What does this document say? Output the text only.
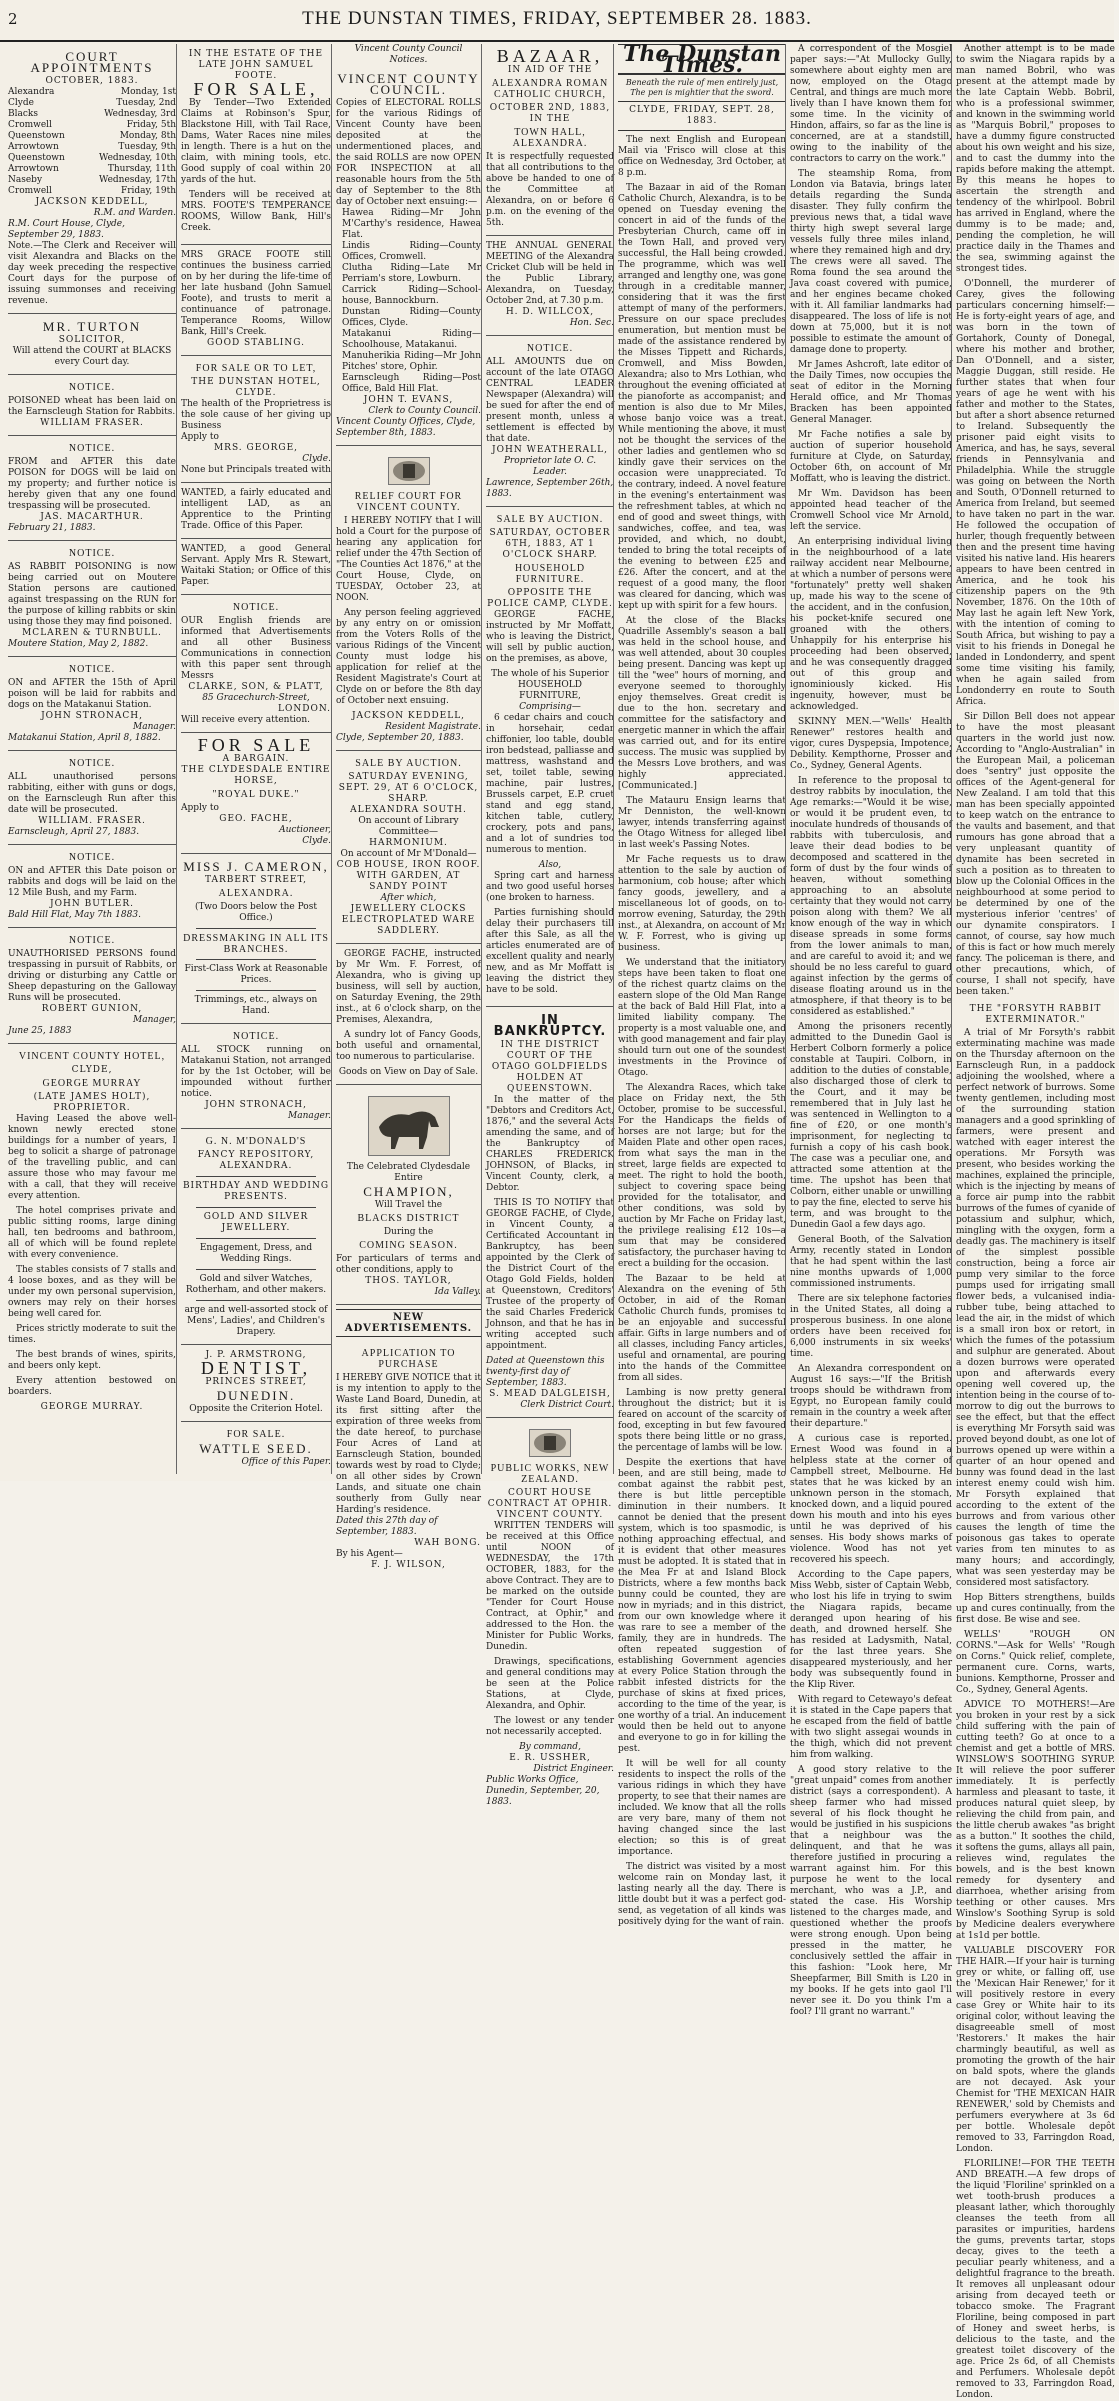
2	THE DUNSTAN TIMES, FRIDAY, SEPTEMBER 28. 1883.
COURT APPOINTMENTS
OCTOBER, 1883.
Alexandra	Monday, 1st
Clyde	Tuesday, 2nd
Blacks	Wednesday, 3rd
Cromwell	Friday, 5th
Queenstown	Monday, 8th
Arrowtown	Tuesday, 9th
Queenstown	Wednesday, 10th
Arrowtown	Thursday, 11th
Naseby	Wednesday, 17th
Cromwell	Friday, 19th
JACKSON KEDDELL,
R.M. and Warden.
R.M. Court House, Clyde, September 29, 1883.
Note.—The Clerk and Receiver will visit Alexandra and Blacks on the day week preceding the respective Court days for the purpose of issuing summonses and receiving revenue.
MR. TURTON
SOLICITOR,
Will attend the COURT at BLACKS every Court day.
NOTICE.
POISONED wheat has been laid on the Earnscleugh Station for Rabbits.
WILLIAM FRASER.
NOTICE.
FROM and AFTER this date POISON for DOGS will be laid on my property; and further notice is hereby given that any one found trespassing will be prosecuted.
JAS. MACARTHUR.
February 21, 1883.
NOTICE.
AS RABBIT POISONING is now being carried out on Moutere Station persons are cautioned against trespassing on the RUN for the purpose of killing rabbits or skin using those they may find poisoned.
MCLAREN & TURNBULL.
Moutere Station, May 2, 1882.
NOTICE.
ON and AFTER the 15th of April poison will be laid for rabbits and dogs on the Matakanui Station.
JOHN STRONACH,
Manager.
Matakanui Station, April 8, 1882.
NOTICE.
ALL unauthorised persons rabbiting, either with guns or dogs, on the Earnscleugh Run after this date will be prosecuted.
WILLIAM. FRASER.
Earnscleugh, April 27, 1883.
NOTICE.
ON and AFTER this Date poison or rabbits and dogs will be laid on the 12 Mile Bush, and my Farm.
JOHN BUTLER.
Bald Hill Flat, May 7th 1883.
NOTICE.
UNAUTHORISED PERSONS found trespassing in pursuit of Rabbits, or driving or disturbing any Cattle or Sheep depasturing on the Galloway Runs will be prosecuted.
ROBERT GUNION,
Manager,
June 25, 1883
VINCENT COUNTY HOTEL,
CLYDE,
GEORGE MURRAY
(LATE JAMES HOLT),
PROPRIETOR.

Having Leased the above well-known newly erected stone buildings for a number of years, I beg to solicit a sharge of patronage of the travelling public, and can assure those who may favour me with a call, that they will receive every attention.

The hotel comprises private and public sitting rooms, large dining hall, ten bedrooms and bathroom, all of which will be found replete with every convenience.

The stables consists of 7 stalls and 4 loose boxes, and as they will be under my own personal supervision, owners may rely on their horses being well cared for.

Prices strictly moderate to suit the times.

The best brands of wines, spirits, and beers only kept.

Every attention bestowed on boarders.

GEORGE MURRAY.
IN THE ESTATE OF THE LATE JOHN SAMUEL FOOTE.
FOR SALE,

By Tender—Two Extended Claims at Robinson's Spur, Blackstone Hill, with Tail Race, Dams, Water Races nine miles in length. There is a hut on the claim, with mining tools, etc. Good supply of coal within 20 yards of the hut.

Tenders will be received at MRS. FOOTE'S TEMPERANCE ROOMS, Willow Bank, Hill's Creek.

MRS GRACE FOOTE still continues the business carried on by her during the life-time of her late husband (John Samuel Foote), and trusts to merit a continuance of patronage. Temperance Rooms, Willow Bank, Hill's Creek.
GOOD STABLING.
FOR SALE OR TO LET,
THE DUNSTAN HOTEL,
CLYDE.
The health of the Proprietress is the sole cause of her giving up Business
Apply to
MRS. GEORGE,
Clyde.
None but Principals treated with
WANTED, a fairly educated and intelligent LAD, as an Apprentice to the Printing Trade. Office of this Paper.
WANTED, a good General Servant. Apply Mrs R. Stewart, Waitaki Station; or Office of this Paper.
NOTICE.
OUR English friends are informed that Advertisements and all other Business Communications in connection with this paper sent through Messrs
CLARKE, SON, & PLATT,
85 Gracechurch-Street,
LONDON.
Will receive every attention.
FOR SALE
A BARGAIN.
THE CLYDESDALE ENTIRE HORSE,
"ROYAL DUKE."
Apply to
GEO. FACHE,
Auctioneer,
Clyde.
MISS J. CAMERON,
TARBERT STREET,
ALEXANDRA.
(Two Doors below the Post Office.)
DRESSMAKING IN ALL ITS BRANCHES.
First-Class Work at Reasonable Prices.
Trimmings, etc., always on Hand.
NOTICE.
ALL STOCK running on Matakanui Station, not arranged for by the 1st October, will be impounded without further notice.
JOHN STRONACH,
Manager.
G. N. M'DONALD'S
FANCY REPOSITORY,
ALEXANDRA.
BIRTHDAY AND WEDDING PRESENTS.
GOLD AND SILVER JEWELLERY.
Engagement, Dress, and Wedding Rings.
Gold and silver Watches, Rotherham, and other makers.
arge and well-assorted stock of Mens', Ladies', and Children's Drapery.
J. P. ARMSTRONG,
DENTIST,
PRINCES STREET,
DUNEDIN.
Opposite the Criterion Hotel.
FOR SALE.
WATTLE SEED.
Office of this Paper.
Vincent County Council Notices.
VINCENT COUNTY COUNCIL.
Copies of ELECTORAL ROLLS for the various Ridings of Vincent County have been deposited at the undermentioned places, and the said ROLLS are now OPEN FOR INSPECTION at all reasonable hours from the 5th day of September to the 8th day of October next ensuing:—
Hawea Riding—Mr John M'Carthy's residence, Hawea Flat.
Lindis Riding—County Offices, Cromwell.
Clutha Riding—Late Mr Perriam's store, Lowburn.
Carrick Riding—School-house, Bannockburn.
Dunstan Riding—County Offices, Clyde.
Matakanui Riding—Schoolhouse, Matakanui.
Manuherikia Riding—Mr John Pitches' store, Ophir.
Earnscleugh Riding—Post Office, Bald Hill Flat.
JOHN T. EVANS,
Clerk to County Council.
Vincent County Offices, Clyde, September 8th, 1883.
RELIEF COURT FOR VINCENT COUNTY.

I HEREBY NOTIFY that I will hold a Court for the purpose of hearing any application for relief under the 47th Section of "The Counties Act 1876," at the Court House, Clyde, on TUESDAY, October 23, at NOON.

Any person feeling aggrieved by any entry on or omission from the Voters Rolls of the various Ridings of the Vincent County must lodge his application for relief at the Resident Magistrate's Court at Clyde on or before the 8th day of October next ensuing.

JACKSON KEDDELL,
Resident Magistrate.
Clyde, September 20, 1883.
SALE BY AUCTION.
SATURDAY EVENING, SEPT. 29, AT 6 O'CLOCK, SHARP.
ALEXANDRA SOUTH.
On account of Library Committee—
HARMONIUM.
On account of Mr M'Donald—
COB HOUSE, IRON ROOF. WITH GARDEN, AT SANDY POINT
After which,
JEWELLERY CLOCKS ELECTROPLATED WARE SADDLERY.

GEORGE FACHE, instructed by Mr Wm. F. Forrest, of Alexandra, who is giving up business, will sell by auction, on Saturday Evening, the 29th inst., at 6 o'clock sharp, on the Premises, Alexandra,

A sundry lot of Fancy Goods, both useful and ornamental, too numerous to particularise.

Goods on View on Day of Sale.
The Celebrated Clydesdale Entire
CHAMPION,
Will Travel the
BLACKS DISTRICT
During the
COMING SEASON.
For particulars of terms and other conditions, apply to
THOS. TAYLOR,
Ida Valley.
NEW ADVERTISEMENTS.
APPLICATION TO PURCHASE
I HEREBY GIVE NOTICE that it is my intention to apply to the Waste Land Board, Dunedin, at its first sitting after the expiration of three weeks from the date hereof, to purchase Four Acres of Land at Earnscleugh Station, bounded towards west by road to Clyde; on all other sides by Crown Lands, and situate one chain southerly from Gully near Harding's residence.
Dated this 27th day of September, 1883.
WAH BONG.
By his Agent—
F. J. WILSON,
BAZAAR,
IN AID OF THE
ALEXANDRA ROMAN CATHOLIC CHURCH,
OCTOBER 2ND, 1883,
IN THE
TOWN HALL, ALEXANDRA.
It is respectfully requested that all contributions to the above be handed to one of the Committee at Alexandra, on or before 6 p.m. on the evening of the 5th.
THE ANNUAL GENERAL MEETING of the Alexandra Cricket Club will be held in the Public Library, Alexandra, on Tuesday, October 2nd, at 7.30 p.m.
H. D. WILLCOX,
Hon. Sec.
NOTICE.
ALL AMOUNTS due on account of the late OTAGO CENTRAL LEADER Newspaper (Alexandra) will be sued for after the end of present month, unless a settlement is effected by that date.
JOHN WEATHERALL,
Proprietor late O. C. Leader.
Lawrence, September 26th, 1883.
SALE BY AUCTION.
SATURDAY, OCTOBER 6TH, 1883, AT 1 O'CLOCK SHARP.
HOUSEHOLD FURNITURE.
OPPOSITE THE POLICE CAMP, CLYDE.

GEORGE FACHE, instructed by Mr Moffatt, who is leaving the District, will sell by public auction, on the premises, as above,

The whole of his Superior HOUSEHOLD FURNITURE,
Comprising—

6 cedar chairs and couch in horsehair, cedar chiffonier, loo table, double iron bedstead, palliasse and mattress, washstand and set, toilet table, sewing machine, pair lustres, Brussels carpet, E.P. cruet stand and egg stand, kitchen table, cutlery, crockery, pots and pans, and a lot of sundries too numerous to mention.

Also,

Spring cart and harness and two good useful horses (one broken to harness.

Parties furnishing should delay their purchasers till after this Sale, as all the articles enumerated are of excellent quality and nearly new, and as Mr Moffatt is leaving the district they have to be sold.

IN BANKRUPTCY.
IN THE DISTRICT COURT OF THE OTAGO GOLDFIELDS HOLDEN AT QUEENSTOWN.

In the matter of the "Debtors and Creditors Act, 1876," and the several Acts amending the same, and of the Bankruptcy of CHARLES FREDERICK JOHNSON, of Blacks, in Vincent County, clerk, a Debtor.

THIS IS TO NOTIFY that GEORGE FACHE, of Clyde, in Vincent County, a Certificated Accountant in Bankruptcy, has been appointed by the Clerk of the District Court of the Otago Gold Fields, holden at Queenstown, Creditors' Trustee of the property of the said Charles Frederick Johnson, and that he has in writing accepted such appointment.

Dated at Queenstown this twenty-first day of September, 1883.
S. MEAD DALGLEISH,
Clerk District Court.
PUBLIC WORKS, NEW ZEALAND.
COURT HOUSE CONTRACT AT OPHIR.
VINCENT COUNTY.

WRITTEN TENDERS will be received at this Office until NOON of WEDNESDAY, the 17th OCTOBER, 1883, for the above Contract. They are to be marked on the outside "Tender for Court House Contract, at Ophir," and addressed to the Hon. the Minister for Public Works, Dunedin.

Drawings, specifications, and general conditions may be seen at the Police Stations, at Clyde, Alexandra, and Ophir.

The lowest or any tender not necessarily accepted.

By command,
E. R. USSHER,
District Engineer.
Public Works Office, Dunedin, September, 20, 1883.
The Dunstan Times.
Beneath the rule of men entirely just,
The pen is mightier that the sword.
CLYDE, FRIDAY, SEPT. 28, 1883.

The next English and European Mail via 'Frisco will close at this office on Wednesday, 3rd October, at 8 p.m.

The Bazaar in aid of the Roman Catholic Church, Alexandra, is to be opened on Tuesday evening the concert in aid of the funds of the Presbyterian Church, came off in the Town Hall, and proved very successful, the Hall being crowded. The programme, which was well arranged and lengthy one, was gone through in a creditable manner, considering that it was the first attempt of many of the performers. Pressure on our space precludes enumeration, but mention must be made of the assistance rendered by the Misses Tippett and Richards, Cromwell, and Miss Bowden, Alexandra; also to Mrs Lothian, who throughout the evening officiated at the pianoforte as accompanist; and mention is also due to Mr Miles, whose banjo voice was a treat. While mentioning the above, it must not be thought the services of the other ladies and gentlemen who so kindly gave their services on the occasion were unappreciated. To the contrary, indeed. A novel feature in the evening's entertainment was the refreshment tables, at which no end of good and sweet things, with sandwiches, coffee, and tea, was provided, and which, no doubt, tended to bring the total receipts of the evening to between £25 and £26. After the concert, and at the request of a good many, the floor was cleared for dancing, which was kept up with spirit for a few hours.

At the close of the Blacks Quadrille Assembly's season a ball was held in the school house, and was well attended, about 30 couples being present. Dancing was kept up till the "wee" hours of morning, and everyone seemed to thoroughly enjoy themselves. Great credit is due to the hon. secretary and committee for the satisfactory and energetic manner in which the affair was carried out, and for its entire success. The music was supplied by the Messrs Love brothers, and was highly appreciated. [Communicated.]

The Matauru Ensign learns that Mr Denniston, the well-known lawyer, intends transferring against the Otago Witness for alleged libel in last week's Passing Notes.

Mr Fache requests us to draw attention to the sale by auction of harmonium, cob house; after which fancy goods, jewellery, and a miscellaneous lot of goods, on to-morrow evening, Saturday, the 29th inst., at Alexandra, on account of Mr W. F. Forrest, who is giving up business.

We understand that the initiatory steps have been taken to float one of the richest quartz claims on the eastern slope of the Old Man Range at the back of Bald Hill Flat, into a limited liability company. The property is a most valuable one, and with good management and fair play should turn out one of the soundest investments in the Province of Otago.

The Alexandra Races, which take place on Friday next, the 5th October, promise to be successful. For the Handicaps the fields of horses are not large; but for the Maiden Plate and other open races, from what says the man in the street, large fields are expected to meet. The right to hold the booth, subject to covering space being provided for the totalisator, and other conditions, was sold by auction by Mr Fache on Friday last, the privilege realising £12 10s—a sum that may be considered satisfactory, the purchaser having to erect a building for the occasion.

The Bazaar to be held at Alexandra on the evening of 5th October, in aid of the Roman Catholic Church funds, promises to be an enjoyable and successful affair. Gifts in large numbers and of all classes, including Fancy articles, useful and ornamental, are pouring into the hands of the Committee from all sides.

Lambing is now pretty general throughout the district; but it is feared on account of the scarcity of food, excepting in but few favoured spots there being little or no grass, the percentage of lambs will be low.

Despite the exertions that have been, and are still being, made to combat against the rabbit pest, there is but little perceptible diminution in their numbers. It cannot be denied that the present system, which is too spasmodic, is nothing approaching effectual, and it is evident that other measures must be adopted. It is stated that in the Mea Fr at and Island Block Districts, where a few months back bunny could be counted, they are now in myriads; and in this district, from our own knowledge where it was rare to see a member of the family, they are in hundreds. The often repeated suggestion of establishing Government agencies at every Police Station through the rabbit infested districts for the purchase of skins at fixed prices, according to the time of the year, is one worthy of a trial. An inducement would then be held out to anyone and everyone to go in for killing the pest.

It will be well for all county residents to inspect the rolls of the various ridings in which they have property, to see that their names are included. We know that all the rolls are very bare, many of them not having changed since the last election; so this is of great importance.

The district was visited by a most welcome rain on Monday last, it lasting nearly all the day. There is little doubt but it was a perfect god-send, as vegetation of all kinds was positively dying for the want of rain.

A correspondent of the Mosgiel paper says:—"At Mullocky Gully, somewhere about eighty men are now, employed on the Otago Central, and things are much more lively than I have known them for some time. In the vicinity of Hindon, affairs, so far as the line is concerned, are at a standstill, owing to the inability of the contractors to carry on the work."

The steamship Roma, from London via Batavia, brings later details regarding the Sunda disaster. They fully confirm the previous news that, a tidal wave thirty high swept several large vessels fully three miles inland, where they remained high and dry. The crews were all saved. The Roma found the sea around the Java coast covered with pumice, and her engines became choked with it. All familiar landmarks had disappeared. The loss of life is not down at 75,000, but it is not possible to estimate the amount of damage done to property.

Mr James Ashcroft, late editor of the Daily Times, now occupies the seat of editor in the Morning Herald office, and Mr Thomas Bracken has been appointed General Manager.

Mr Fache notifies a sale by auction of superior household furniture at Clyde, on Saturday, October 6th, on account of Mr Moffatt, who is leaving the district.

Mr Wm. Davidson has been appointed head teacher of the Cromwell School vice Mr Arnold, left the service.

An enterprising individual living in the neighbourhood of a late railway accident near Melbourne, at which a number of persons were "fortunately" pretty well shaken up, made his way to the scene of the accident, and in the confusion, his pocket-knife secured one groaned with the others. Unhappily for his enterprise his proceeding had been observed, and he was consequently dragged out of this group and ignominiously kicked. His ingenuity, however, must be acknowledged.

SKINNY MEN.—"Wells' Health Renewer" restores health and vigor, cures Dyspepsia, Impotence, Debility. Kempthorne, Prosser and Co., Sydney, General Agents.

In reference to the proposal to destroy rabbits by inoculation, the Age remarks:—"Would it be wise, or would it be prudent even, to inoculate hundreds of thousands of rabbits with tuberculosis, and leave their dead bodies to be decomposed and scattered in the form of dust by the four winds of heaven, without something approaching to an absolute certainty that they would not carry poison along with them? We all know enough of the way in which disease spreads in some forms from the lower animals to man, and are careful to avoid it; and we should be no less careful to guard against infection by the germs of disease floating around us in the atmosphere, if that theory is to be considered as established."

Among the prisoners recently admitted to the Dunedin Gaol is Herbert Colborn formerly a police constable at Taupiri. Colborn, in addition to the duties of constable, also discharged those of clerk to the Court, and it may be remembered that in July last he was sentenced in Wellington to a fine of £20, or one month's imprisonment, for neglecting to furnish a copy of his cash book. The case was a peculiar one, and attracted some attention at the time. The upshot has been that Colborn, either unable or unwilling to pay the fine, elected to serve his term, and was brought to the Dunedin Gaol a few days ago.

General Booth, of the Salvation Army, recently stated in London that he had spent within the last nine months upwards of 1,000 commissioned instruments.

There are six telephone factories in the United States, all doing a prosperous business. In one alone orders have been received for 6,000 instruments in six weeks' time.

An Alexandra correspondent on August 16 says:—"If the British troops should be withdrawn from Egypt, no European family could remain in the country a week after their departure."

A curious case is reported. Ernest Wood was found in a helpless state at the corner of Campbell street, Melbourne. He states that he was kicked by an unknown person in the stomach, knocked down, and a liquid poured down his mouth and into his eyes until he was deprived of his senses. His body shows marks of violence. Wood has not yet recovered his speech.

According to the Cape papers, Miss Webb, sister of Captain Webb, who lost his life in trying to swim the Niagara rapids, became deranged upon hearing of his death, and drowned herself. She has resided at Ladysmith, Natal, for the last three years. She disappeared mysteriously, and her body was subsequently found in the Klip River.

With regard to Cetewayo's defeat it is stated in the Cape papers that he escaped from the field of battle with two slight assegai wounds in the thigh, which did not prevent him from walking.

A good story relative to the "great unpaid" comes from another district (says a correspondent). A sheep farmer who had missed several of his flock thought he would be justified in his suspicions that a neighbour was the delinquent, and that he was therefore justified in procuring a warrant against him. For this purpose he went to the local merchant, who was a J.P., and stated the case. His Worship listened to the charges made, and questioned whether the proofs were strong enough. Upon being pressed in the matter, he conclusively settled the affair in this fashion: "Look here, Mr Sheepfarmer, Bill Smith is L20 in my books. If he gets into gaol I'll never see it. Do you think I'm a fool? I'll grant no warrant."

Another attempt is to be made to swim the Niagara rapids by a man named Bobril, who was present at the attempt made by the late Captain Webb. Bobril, who is a professional swimmer, and known in the swimming world as "Marquis Bobril," proposes to have a dummy figure constructed about his own weight and his size, and to cast the dummy into the rapids before making the attempt. By this means he hopes to ascertain the strength and tendency of the whirlpool. Bobril has arrived in England, where the dummy is to be made; and, pending the completion, he will practice daily in the Thames and the sea, swimming against the strongest tides.

O'Donnell, the murderer of Carey, gives the following particulars concerning himself:—He is forty-eight years of age, and was born in the town of Gortahork, County of Donegal, where his mother and brother, Dan O'Donnell, and a sister, Maggie Duggan, still reside. He further states that when four years of age he went with his father and mother to the States, but after a short absence returned to Ireland. Subsequently the prisoner paid eight visits to America, and has, he says, several friends in Pennsylvania and Philadelphia. While the struggle was going on between the North and South, O'Donnell returned to America from Ireland, but seemed to have taken no part in the war. He followed the occupation of hurler, though frequently between then and the present time having visited his native land. His hearers appears to have been centred in America, and he took his citizenship papers on the 9th November, 1876. On the 10th of May last he again left New York, with the intention of coming to South Africa, but wishing to pay a visit to his friends in Donegal he landed in Londonderry, and spent some time visiting his family, when he again sailed from Londonderry en route to South Africa.

Sir Dillon Bell does not appear to have the most pleasant quarters in the world just now. According to "Anglo-Australian" in the European Mail, a policeman does "sentry" just opposite the offices of the Agent-general for New Zealand. I am told that this man has been specially appointed to keep watch on the entrance to the vaults and basement, and that rumours has gone abroad that a very unpleasant quantity of dynamite has been secreted in such a position as to threaten to blow up the Colonial Offices in the neighbourhood at some period to be determined by one of the mysterious inferior 'centres' of our dynamite conspirators. I cannot, of course, say how much of this is fact or how much merely fancy. The policeman is there, and other precautions, which, of course, I shall not specify, have been taken."

THE "FORSYTH RABBIT EXTERMINATOR."

A trial of Mr Forsyth's rabbit exterminating machine was made on the Thursday afternoon on the Earnscleugh Run, in a paddock adjoining the woolshed, where a perfect network of burrows. Some twenty gentlemen, including most of the surrounding station managers and a good sprinkling of farmers, were present and watched with eager interest the operations. Mr Forsyth was present, who besides working the machines, explained the principle, which is the injecting by means of a force air pump into the rabbit burrows of the fumes of cyanide of potassium and sulphur, which, mingling with the oxygen, form a deadly gas. The machinery is itself of the simplest possible construction, being a force air pump very similar to the force pumps used for irrigating small flower beds, a vulcanised india-rubber tube, being attached to lead the air, in the midst of which is a small iron box or retort, in which the fumes of the potassium and sulphur are generated. About a dozen burrows were operated upon and afterwards every opening well covered up, the intention being in the course of to-morrow to dig out the burrows to see the effect, but that the effect is everything Mr Forsyth said was proved beyond doubt, as one lot of burrows opened up were within a quarter of an hour opened and bunny was found dead in the last interest enemy could wish him. Mr Forsyth explained that according to the extent of the burrows and from various other causes the length of time the poisonous gas takes to operate varies from ten minutes to as many hours; and accordingly, what was seen yesterday may be considered most satisfactory.

Hop Bitters strengthens, builds up and cures continually, from the first dose. Be wise and see.

WELLS' "ROUGH ON CORNS."—Ask for Wells' "Rough on Corns." Quick relief, complete, permanent cure. Corns, warts, bunions. Kempthorne, Prosser and Co., Sydney, General Agents.

ADVICE TO MOTHERS!—Are you broken in your rest by a sick child suffering with the pain of cutting teeth? Go at once to a chemist and get a bottle of MRS. WINSLOW'S SOOTHING SYRUP. It will relieve the poor sufferer immediately. It is perfectly harmless and pleasant to taste, it produces natural quiet sleep, by relieving the child from pain, and the little cherub awakes "as bright as a button." It soothes the child, it softens the gums, allays all pain, relieves wind, regulates the bowels, and is the best known remedy for dysentery and diarrhoea, whether arising from teething or other causes. Mrs Winslow's Soothing Syrup is sold by Medicine dealers everywhere at 1s1d per bottle.

VALUABLE DISCOVERY FOR THE HAIR.—If your hair is turning grey or white, or falling off, use the 'Mexican Hair Renewer,' for it will positively restore in every case Grey or White hair to its original color, without leaving the disagreeable smell of most 'Restorers.' It makes the hair charmingly beautiful, as well as promoting the growth of the hair on bald spots, where the glands are not decayed. Ask your Chemist for 'THE MEXICAN HAIR RENEWER,' sold by Chemists and perfumers everywhere at 3s 6d per bottle. Wholesale depôt removed to 33, Farringdon Road, London.

FLORILINE!—FOR THE TEETH AND BREATH.—A few drops of the liquid 'Floriline' sprinkled on a wet tooth-brush produces a pleasant lather, which thoroughly cleanses the teeth from all parasites or impurities, hardens the gums, prevents tartar, stops decay, gives to the teeth a peculiar pearly whiteness, and a delightful fragrance to the breath. It removes all unpleasant odour arising from decayed teeth or tobacco smoke. The Fragrant Floriline, being composed in part of Honey and sweet herbs, is delicious to the taste, and the greatest toilet discovery of the age. Price 2s 6d, of all Chemists and Perfumers. Wholesale depôt removed to 33, Farringdon Road, London.
